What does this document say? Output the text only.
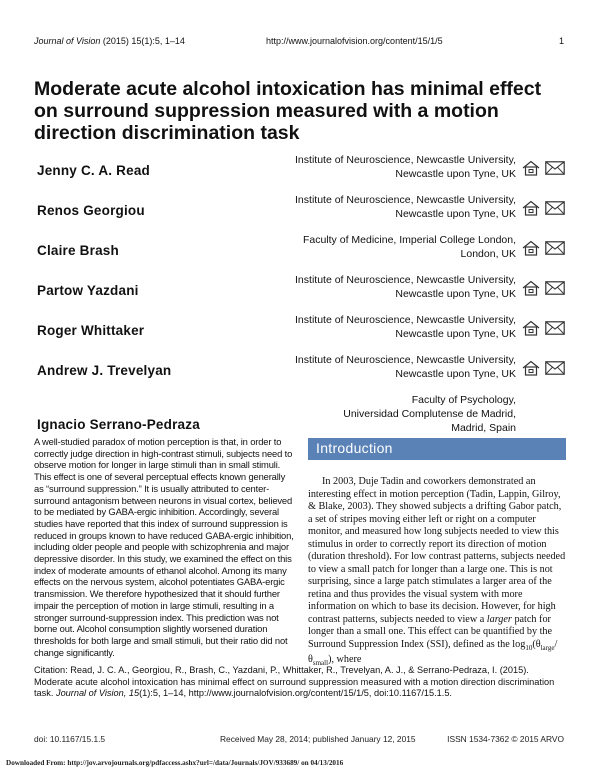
Journal of Vision (2015) 15(1):5, 1–14	http://www.journalofvision.org/content/15/1/5	1
Moderate acute alcohol intoxication has minimal effect on surround suppression measured with a motion direction discrimination task
Jenny C. A. Read
Institute of Neuroscience, Newcastle University,
Newcastle upon Tyne, UK
Renos Georgiou
Institute of Neuroscience, Newcastle University,
Newcastle upon Tyne, UK
Claire Brash
Faculty of Medicine, Imperial College London,
London, UK
Partow Yazdani
Institute of Neuroscience, Newcastle University,
Newcastle upon Tyne, UK
Roger Whittaker
Institute of Neuroscience, Newcastle University,
Newcastle upon Tyne, UK
Andrew J. Trevelyan
Institute of Neuroscience, Newcastle University,
Newcastle upon Tyne, UK
Ignacio Serrano-Pedraza
Faculty of Psychology,
Universidad Complutense de Madrid,
Madrid, Spain
A well-studied paradox of motion perception is that, in order to correctly judge direction in high-contrast stimuli, subjects need to observe motion for longer in large stimuli than in small stimuli. This effect is one of several perceptual effects known generally as “surround suppression.” It is usually attributed to center-surround antagonism between neurons in visual cortex, believed to be mediated by GABA-ergic inhibition. Accordingly, several studies have reported that this index of surround suppression is reduced in groups known to have reduced GABA-ergic inhibition, including older people and people with schizophrenia and major depressive disorder. In this study, we examined the effect on this index of moderate amounts of ethanol alcohol. Among its many effects on the nervous system, alcohol potentiates GABA-ergic transmission. We therefore hypothesized that it should further impair the perception of motion in large stimuli, resulting in a stronger surround-suppression index. This prediction was not borne out. Alcohol consumption slightly worsened duration thresholds for both large and small stimuli, but their ratio did not change significantly.
Introduction

In 2003, Duje Tadin and coworkers demonstrated an interesting effect in motion perception (Tadin, Lappin, Gilroy, & Blake, 2003). They showed subjects a drifting Gabor patch, a set of stripes moving either left or right on a computer monitor, and measured how long subjects needed to view this stimulus in order to correctly report its direction of motion (duration threshold). For low contrast patterns, subjects needed to view a small patch for longer than a large one. This is not surprising, since a large patch stimulates a larger area of the retina and thus provides the visual system with more information on which to base its decision. However, for high contrast patterns, subjects needed to view a larger patch for longer than a small one. This effect can be quantified by the Surround Suppression Index (SSI), defined as the $\log_{10}(\theta_{large}/\theta_{small})$, where

Citation: Read, J. C. A., Georgiou, R., Brash, C., Yazdani, P., Whittaker, R., Trevelyan, A. J., & Serrano-Pedraza, I. (2015). Moderate acute alcohol intoxication has minimal effect on surround suppression measured with a motion direction discrimination task. Journal of Vision, 15(1):5, 1–14, http://www.journalofvision.org/content/15/1/5, doi:10.1167/15.1.5.
doi: 10.1167/15.1.5	Received May 28, 2014; published January 12, 2015	ISSN 1534-7362 © 2015 ARVO
Downloaded From: http://jov.arvojournals.org/pdfaccess.ashx?url=/data/Journals/JOV/933689/ on 04/13/2016
